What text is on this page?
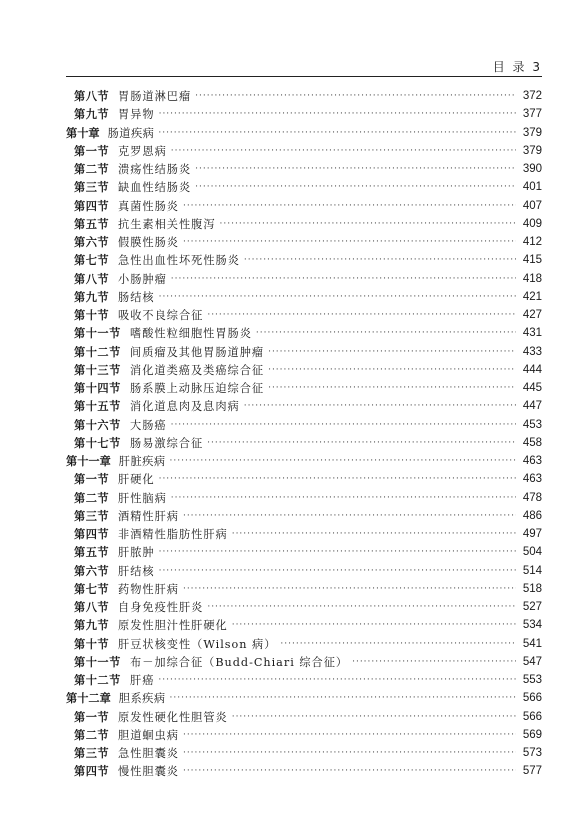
目 录 3
第八节 胃肠道淋巴瘤 ·····	372
第九节 胃异物 ·····	377
第十章 肠道疾病 ·····	379
第一节 克罗恩病 ·····	379
第二节 溃疡性结肠炎 ·····	390
第三节 缺血性结肠炎 ·····	401
第四节 真菌性肠炎 ·····	407
第五节 抗生素相关性腹泻 ·····	409
第六节 假膜性肠炎 ·····	412
第七节 急性出血性坏死性肠炎 ·····	415
第八节 小肠肿瘤 ·····	418
第九节 肠结核 ·····	421
第十节 吸收不良综合征 ·····	427
第十一节 嗜酸性粒细胞性胃肠炎 ·····	431
第十二节 间质瘤及其他胃肠道肿瘤 ·····	433
第十三节 消化道类癌及类癌综合征 ·····	444
第十四节 肠系膜上动脉压迫综合征 ·····	445
第十五节 消化道息肉及息肉病 ·····	447
第十六节 大肠癌 ·····	453
第十七节 肠易激综合征 ·····	458
第十一章 肝脏疾病 ·····	463
第一节 肝硬化 ·····	463
第二节 肝性脑病 ·····	478
第三节 酒精性肝病 ·····	486
第四节 非酒精性脂肪性肝病 ·····	497
第五节 肝脓肿 ·····	504
第六节 肝结核 ·····	514
第七节 药物性肝病 ·····	518
第八节 自身免疫性肝炎 ·····	527
第九节 原发性胆汁性肝硬化 ·····	534
第十节 肝豆状核变性（Wilson 病） ·····	541
第十一节 布－加综合征（Budd-Chiari 综合征） ·····	547
第十二节 肝癌 ·····	553
第十二章 胆系疾病 ·····	566
第一节 原发性硬化性胆管炎 ·····	566
第二节 胆道蛔虫病 ·····	569
第三节 急性胆囊炎 ·····	573
第四节 慢性胆囊炎 ·····	577
